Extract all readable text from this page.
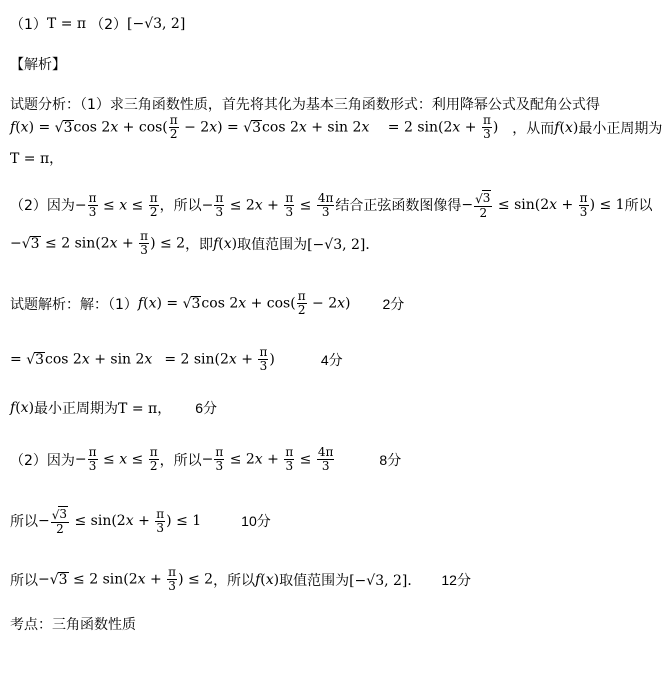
（1） T = π （2） [−√3, 2]
【解析】
试题分析：（1）求三角函数性质，首先将其化为基本三角函数形式：利用降幂公式及配角公式得
f(x) = √ 3 $\cos 2x + \cos( \frac{\pi}{2} - 2x)$ = √ 3 cos 2x + sin 2x = 2 $\sin(2x + \frac{\pi}{3}$ ) ，从而 f(x) 最小正周期为
T = π，
（2）因为 − $\frac{\pi}{3} \le x \le \frac{\pi}{2}$ ，所以 − $\frac{\pi}{3} \le 2x + \frac{\pi}{3} \le \frac{4\pi}{3}$ 结合正弦函数图像得 − $\frac{√ 3}{2} \le \sin(2x + \frac{\pi}{3}$ ) ≤ 1 所以
−√ 3 ≤ 2 $\sin(2x + \frac{\pi}{3}$ ) ≤ 2 ，即 f(x) 取值范围为 [−√3, 2]．
试题解析：解：（1） f(x) = √ 3 $\cos 2x + \cos( \frac{\pi}{2} - 2x)$ 2分
= √ 3 cos 2x + sin 2x = 2 $\sin(2x + \frac{\pi}{3}$ )	4分
f(x) 最小正周期为 T = π， 6分
（2）因为 − $\frac{\pi}{3} \le x \le \frac{\pi}{2}$ ，所以 − $\frac{\pi}{3} \le 2x + \frac{\pi}{3} \le \frac{4\pi}{3}$	8分
所以 − $\frac{√ 3}{2} \le \sin(2x + \frac{\pi}{3}$ ) ≤ 1	10分
所以 −√ 3 ≤ 2 $\sin(2x + \frac{\pi}{3}$ ) ≤ 2 ，所以 f(x) 取值范围为 [−√3, 2]． 12分
考点：三角函数性质
